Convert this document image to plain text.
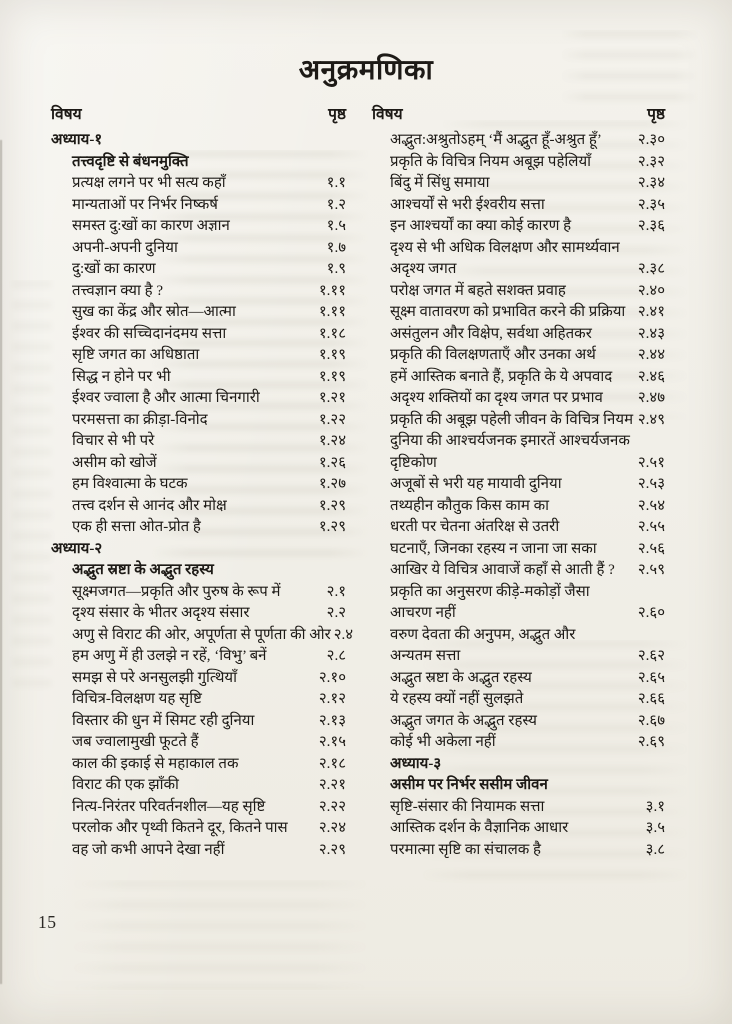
अनुक्रमणिका
विषय	पृष्ठ
अध्याय-१
तत्त्वदृष्टि से बंधनमुक्ति
प्रत्यक्ष लगने पर भी सत्य कहाँ	१.१
मान्यताओं पर निर्भर निष्कर्ष	१.२
समस्त दु:खों का कारण अज्ञान	१.५
अपनी-अपनी दुनिया	१.७
दु:खों का कारण	१.९
तत्त्वज्ञान क्या है ?	१.११
सुख का केंद्र और स्रोत—आत्मा	१.११
ईश्वर की सच्चिदानंदमय सत्ता	१.१८
सृष्टि जगत का अधिष्ठाता	१.१९
सिद्ध न होने पर भी	१.१९
ईश्वर ज्वाला है और आत्मा चिनगारी	१.२१
परमसत्ता का क्रीड़ा-विनोद	१.२२
विचार से भी परे	१.२४
असीम को खोजें	१.२६
हम विश्वात्मा के घटक	१.२७
तत्त्व दर्शन से आनंद और मोक्ष	१.२९
एक ही सत्ता ओत-प्रोत है	१.२९
अध्याय-२
अद्भुत स्रष्टा के अद्भुत रहस्य
सूक्ष्मजगत—प्रकृति और पुरुष के रूप में	२.१
दृश्य संसार के भीतर अदृश्य संसार	२.२
अणु से विराट की ओर, अपूर्णता से पूर्णता की ओर २.४
हम अणु में ही उलझे न रहें, ‘विभु’ बनें	२.८
समझ से परे अनसुलझी गुत्थियाँ	२.१०
विचित्र-विलक्षण यह सृष्टि	२.१२
विस्तार की धुन में सिमट रही दुनिया	२.१३
जब ज्वालामुखी फूटते हैं	२.१५
काल की इकाई से महाकाल तक	२.१८
विराट की एक झाँकी	२.२१
नित्य-निरंतर परिवर्तनशील—यह सृष्टि	२.२२
परलोक और पृथ्वी कितने दूर, कितने पास २.२४
वह जो कभी आपने देखा नहीं	२.२९
विषय	पृष्ठ
अद्भुत:अश्रुतोऽहम् ‘मैं अद्भुत हूँ-अश्रुत हूँ’ २.३०
प्रकृति के विचित्र नियम अबूझ पहेलियाँ	२.३२
बिंदु में सिंधु समाया	२.३४
आश्चर्यों से भरी ईश्वरीय सत्ता	२.३५
इन आश्चर्यों का क्या कोई कारण है	२.३६
दृश्य से भी अधिक विलक्षण और सामर्थ्यवान
अदृश्य जगत	२.३८
परोक्ष जगत में बहते सशक्त प्रवाह	२.४०
सूक्ष्म वातावरण को प्रभावित करने की प्रक्रिया २.४१
असंतुलन और विक्षेप, सर्वथा अहितकर	२.४३
प्रकृति की विलक्षणताएँ और उनका अर्थ	२.४४
हमें आस्तिक बनाते हैं, प्रकृति के ये अपवाद २.४६
अदृश्य शक्तियों का दृश्य जगत पर प्रभाव २.४७
प्रकृति की अबूझ पहेली जीवन के विचित्र नियम २.४९
दुनिया की आश्चर्यजनक इमारतें आश्चर्यजनक
दृष्टिकोण	२.५१
अजूबों से भरी यह मायावी दुनिया	२.५३
तथ्यहीन कौतुक किस काम का	२.५४
धरती पर चेतना अंतरिक्ष से उतरी	२.५५
घटनाएँ, जिनका रहस्य न जाना जा सका	२.५६
आखिर ये विचित्र आवाजें कहाँ से आती हैं ? २.५९
प्रकृति का अनुसरण कीड़े-मकोड़ों जैसा
आचरण नहीं	२.६०
वरुण देवता की अनुपम, अद्भुत और
अन्यतम सत्ता	२.६२
अद्भुत स्रष्टा के अद्भुत रहस्य	२.६५
ये रहस्य क्यों नहीं सुलझते	२.६६
अद्भुत जगत के अद्भुत रहस्य	२.६७
कोई भी अकेला नहीं	२.६९
अध्याय-३
असीम पर निर्भर ससीम जीवन
सृष्टि-संसार की नियामक सत्ता	३.१
आस्तिक दर्शन के वैज्ञानिक आधार	३.५
परमात्मा सृष्टि का संचालक है	३.८
15
